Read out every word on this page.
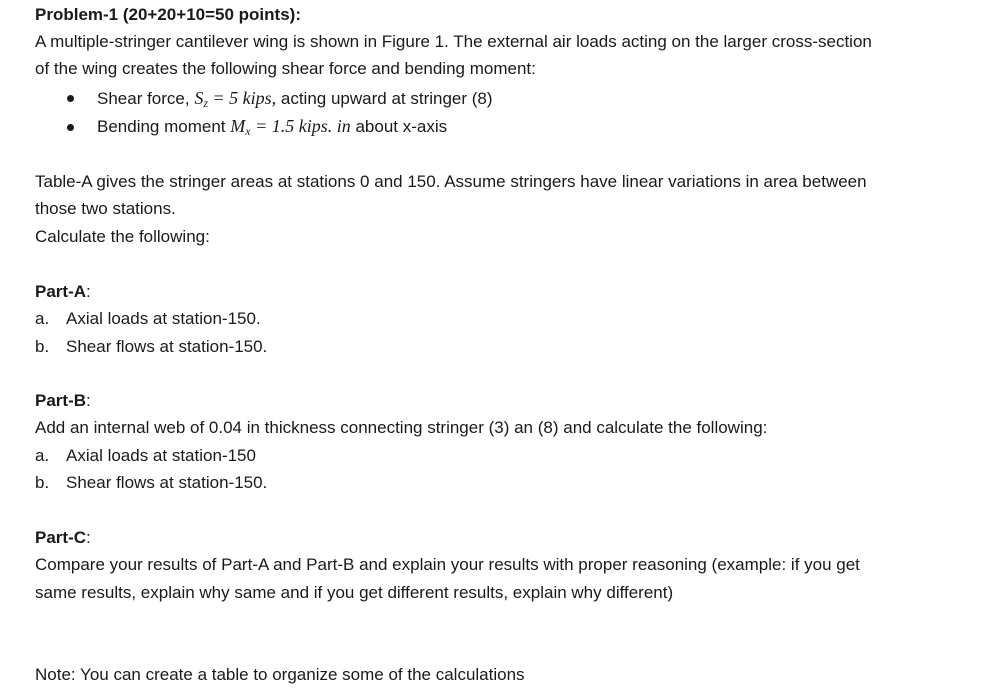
Problem-1 (20+20+10=50 points):
A multiple-stringer cantilever wing is shown in Figure 1. The external air loads acting on the larger cross-section
of the wing creates the following shear force and bending moment:
Shear force, $S_z = 5$ kips, acting upward at stringer (8)
Bending moment $M_x = 1.5$ kips. in about x-axis
Table-A gives the stringer areas at stations 0 and 150. Assume stringers have linear variations in area between
those two stations.
Calculate the following:
Part-A:
a. Axial loads at station-150.
b. Shear flows at station-150.
Part-B:
Add an internal web of 0.04 in thickness connecting stringer (3) an (8) and calculate the following:
a. Axial loads at station-150
b. Shear flows at station-150.
Part-C:
Compare your results of Part-A and Part-B and explain your results with proper reasoning (example: if you get
same results, explain why same and if you get different results, explain why different)
Note: You can create a table to organize some of the calculations
